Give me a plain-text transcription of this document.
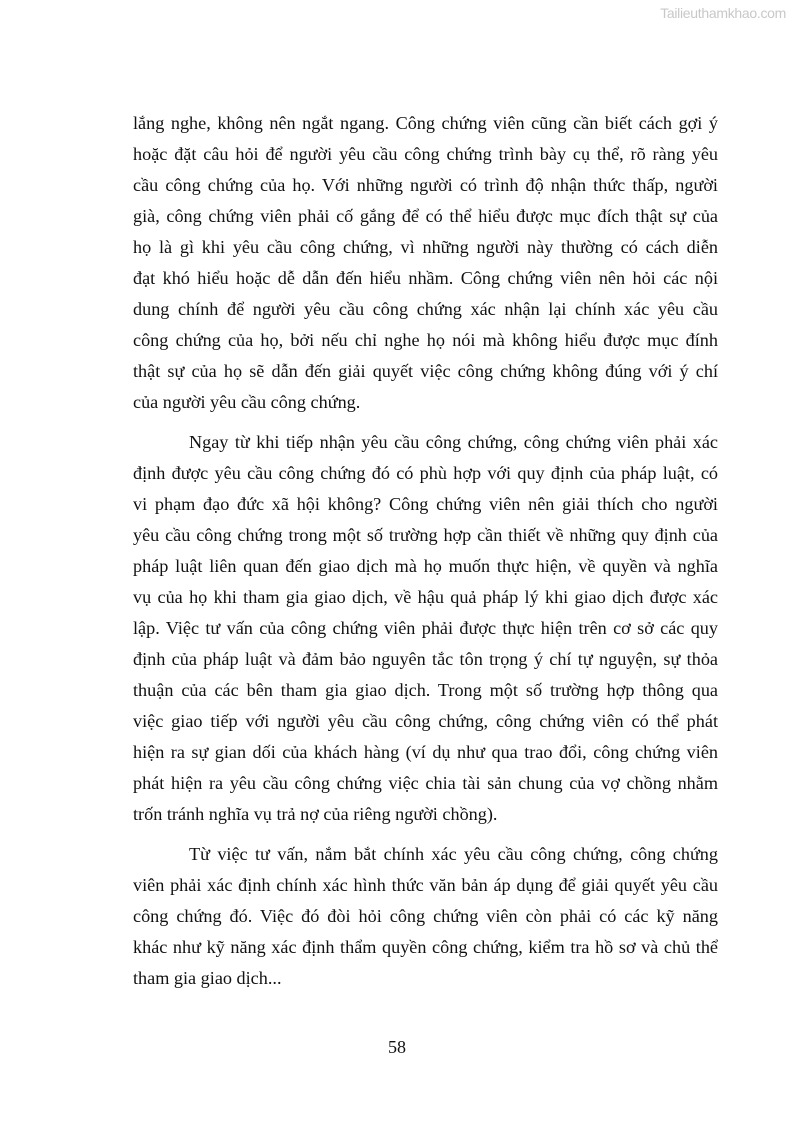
Tailieuthamkhao.com
lắng nghe, không nên ngắt ngang. Công chứng viên cũng cần biết cách gợi ý
hoặc đặt câu hỏi để người yêu cầu công chứng trình bày cụ thể, rõ ràng yêu
cầu công chứng của họ. Với những người có trình độ nhận thức thấp, người
già, công chứng viên phải cố gắng để có thể hiểu được mục đích thật sự của
họ là gì khi yêu cầu công chứng, vì những người này thường có cách diễn
đạt khó hiểu hoặc dễ dẫn đến hiểu nhầm. Công chứng viên nên hỏi các nội
dung chính để người yêu cầu công chứng xác nhận lại chính xác yêu cầu
công chứng của họ, bởi nếu chỉ nghe họ nói mà không hiểu được mục đính
thật sự của họ sẽ dẫn đến giải quyết việc công chứng không đúng với ý chí
của người yêu cầu công chứng.
Ngay từ khi tiếp nhận yêu cầu công chứng, công chứng viên phải xác
định được yêu cầu công chứng đó có phù hợp với quy định của pháp luật, có
vi phạm đạo đức xã hội không? Công chứng viên nên giải thích cho người
yêu cầu công chứng trong một số trường hợp cần thiết về những quy định của
pháp luật liên quan đến giao dịch mà họ muốn thực hiện, về quyền và nghĩa
vụ của họ khi tham gia giao dịch, về hậu quả pháp lý khi giao dịch được xác
lập. Việc tư vấn của công chứng viên phải được thực hiện trên cơ sở các quy
định của pháp luật và đảm bảo nguyên tắc tôn trọng ý chí tự nguyện, sự thỏa
thuận của các bên tham gia giao dịch. Trong một số trường hợp thông qua
việc giao tiếp với người yêu cầu công chứng, công chứng viên có thể phát
hiện ra sự gian dối của khách hàng (ví dụ như qua trao đổi, công chứng viên
phát hiện ra yêu cầu công chứng việc chia tài sản chung của vợ chồng nhằm
trốn tránh nghĩa vụ trả nợ của riêng người chồng).
Từ việc tư vấn, nắm bắt chính xác yêu cầu công chứng, công chứng
viên phải xác định chính xác hình thức văn bản áp dụng để giải quyết yêu cầu
công chứng đó. Việc đó đòi hỏi công chứng viên còn phải có các kỹ năng
khác như kỹ năng xác định thẩm quyền công chứng, kiểm tra hồ sơ và chủ thể
tham gia giao dịch...
58
